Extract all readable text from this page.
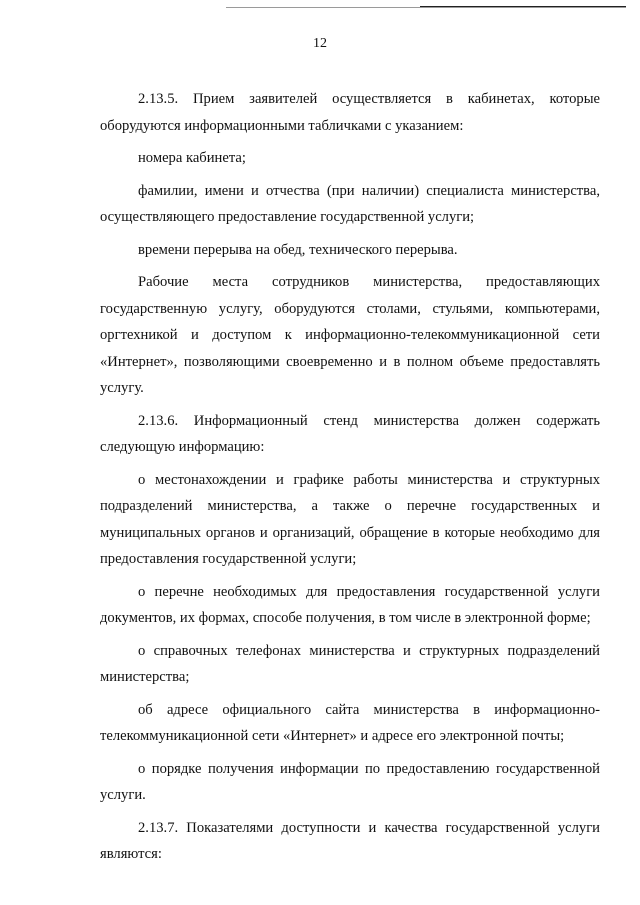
12

2.13.5. Прием заявителей осуществляется в кабинетах, которые оборудуются информационными табличками с указанием:

номера кабинета;

фамилии, имени и отчества (при наличии) специалиста министерства, осуществляющего предоставление государственной услуги;

времени перерыва на обед, технического перерыва.

Рабочие места сотрудников министерства, предоставляющих государственную услугу, оборудуются столами, стульями, компьютерами, оргтехникой и доступом к информационно-телекоммуникационной сети «Интернет», позволяющими своевременно и в полном объеме предоставлять услугу.

2.13.6. Информационный стенд министерства должен содержать следующую информацию:

о местонахождении и графике работы министерства и структурных подразделений министерства, а также о перечне государственных и муниципальных органов и организаций, обращение в которые необходимо для предоставления государственной услуги;

о перечне необходимых для предоставления государственной услуги документов, их формах, способе получения, в том числе в электронной форме;

о справочных телефонах министерства и структурных подразделений министерства;

об адресе официального сайта министерства в информационно-телекоммуникационной сети «Интернет» и адресе его электронной почты;

о порядке получения информации по предоставлению государственной услуги.

2.13.7. Показателями доступности и качества государственной услуги являются:
